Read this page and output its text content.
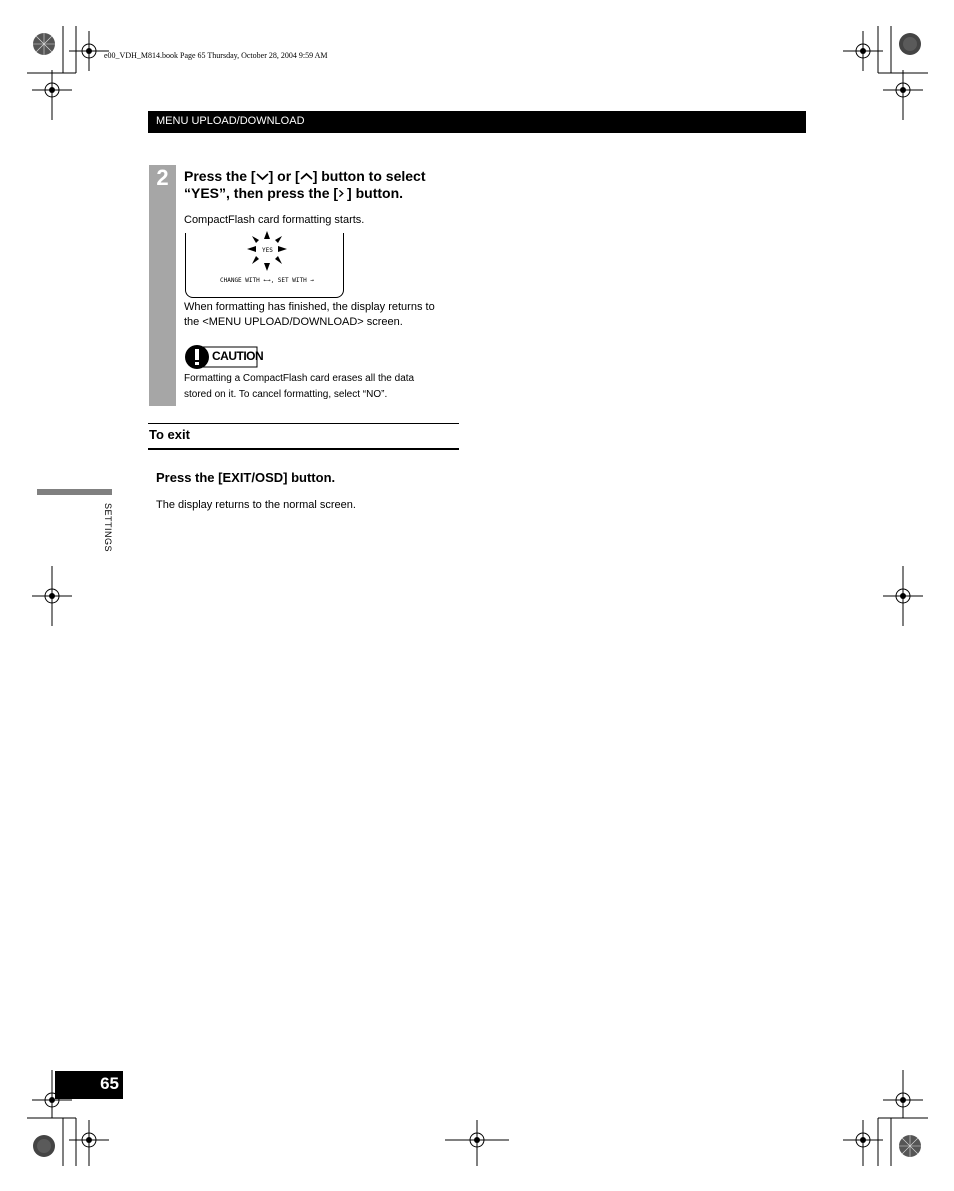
e00_VDH_M814.book Page 65 Thursday, October 28, 2004 9:59 AM
MENU UPLOAD/DOWNLOAD
2	Press the [ ] or [ ] button to select
“YES”, then press the [ ] button.
CompactFlash card formatting starts.
YES
CHANGE WITH ←→, SET WITH →
When formatting has finished, the display returns to
the <MENU UPLOAD/DOWNLOAD> screen.
CAUTION
Formatting a CompactFlash card erases all the data
stored on it. To cancel formatting, select “NO”.
To exit
Press the [EXIT/OSD] button.
The display returns to the normal screen.
SETTINGS
65
